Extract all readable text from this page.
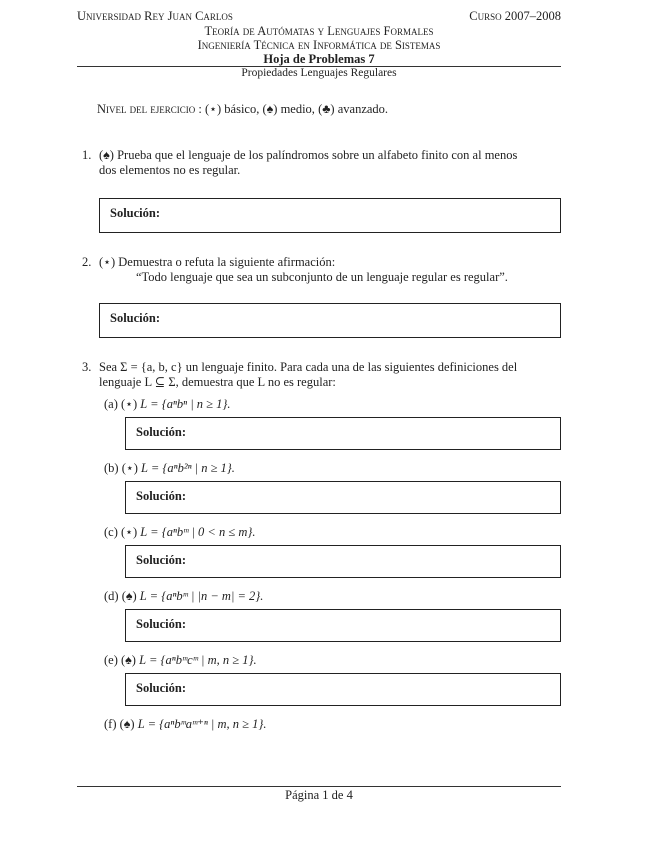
Universidad Rey Juan Carlos	Curso 2007–2008
Teoría de Autómatas y Lenguajes Formales
Ingeniería Técnica en Informática de Sistemas
Hoja de Problemas 7
Propiedades Lenguajes Regulares
Nivel del ejercicio : (⋆) básico, (♠) medio, (♣) avanzado.
1. (♠) Prueba que el lenguaje de los palíndromos sobre un alfabeto finito con al menos
dos elementos no es regular.
Solución:
2. (⋆) Demuestra o refuta la siguiente afirmación:
“Todo lenguaje que sea un subconjunto de un lenguaje regular es regular”.
Solución:
3. Sea Σ = {a, b, c} un lenguaje finito. Para cada una de las siguientes definiciones del
lenguaje L ⊆ Σ, demuestra que L no es regular:
(a) (⋆) L = {aⁿbⁿ | n ≥ 1}.
Solución:
(b) (⋆) L = {aⁿb²ⁿ | n ≥ 1}.
Solución:
(c) (⋆) L = {aⁿbᵐ | 0 < n ≤ m}.
Solución:
(d) (♠) L = {aⁿbᵐ | |n − m| = 2}.
Solución:
(e) (♠) L = {aⁿbᵐcᵐ | m, n ≥ 1}.
Solución:
(f) (♠) L = {aⁿbᵐaᵐ⁺ⁿ | m, n ≥ 1}.
Página 1 de 4
